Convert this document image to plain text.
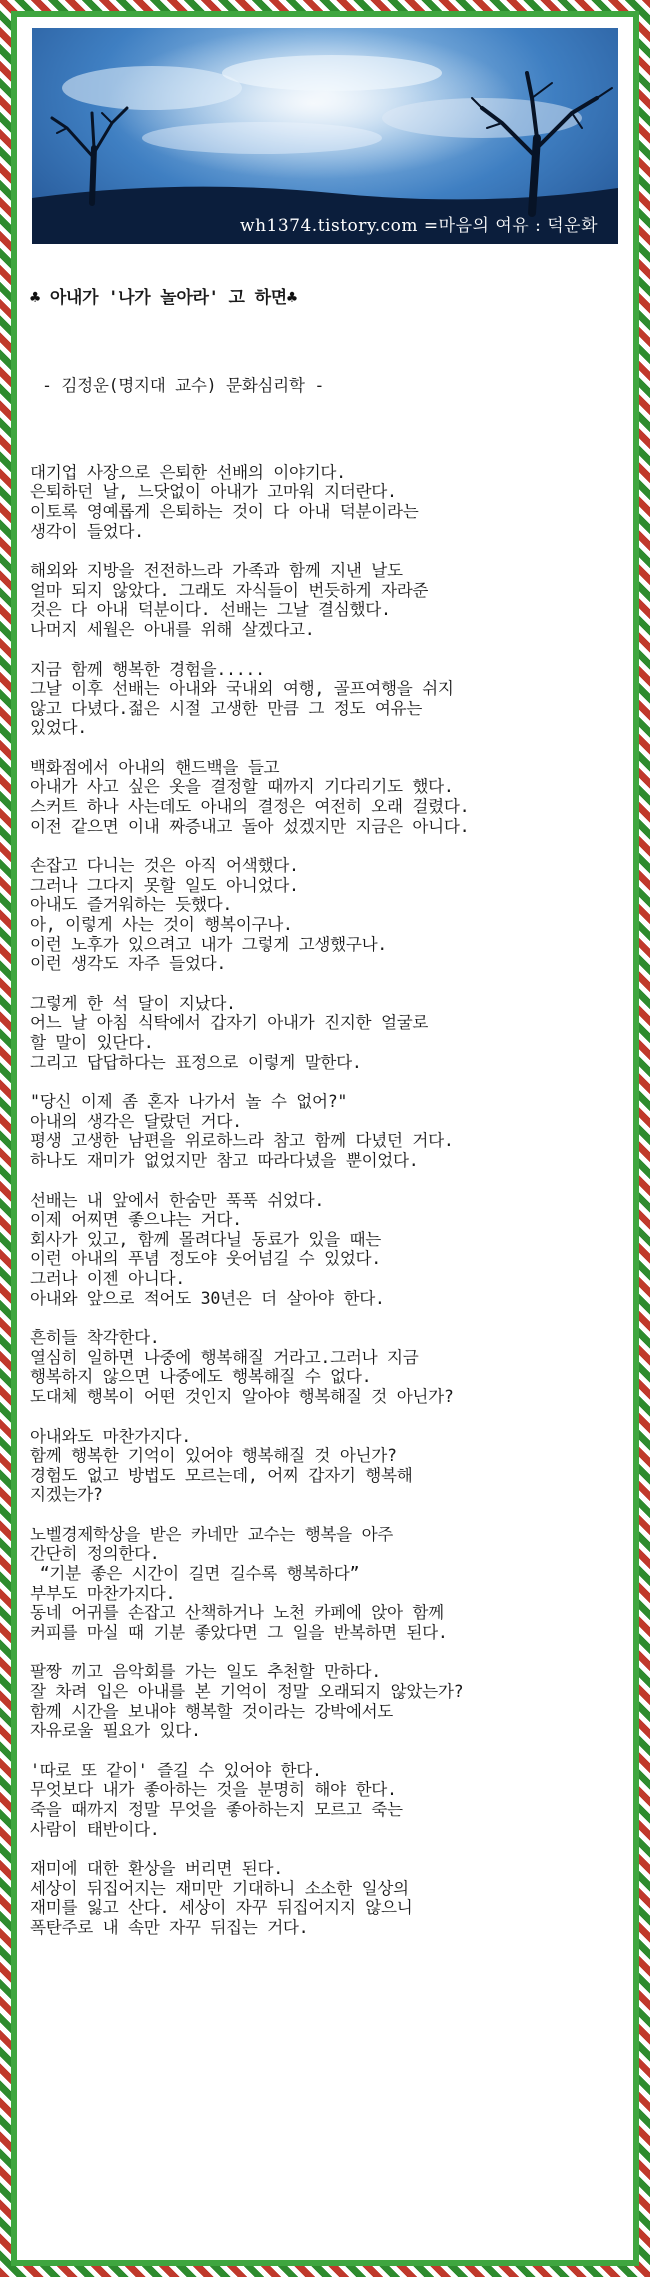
wh1374.tistory.com =마음의 여유 : 덕운화

♣ 아내가 '나가 놀아라' 고 하면♣

- 김정운(명지대 교수) 문화심리학 -

대기업 사장으로 은퇴한 선배의 이야기다.
은퇴하던 날, 느닷없이 아내가 고마워 지더란다.
이토록 영예롭게 은퇴하는 것이 다 아내 덕분이라는
생각이 들었다.
해외와 지방을 전전하느라 가족과 함께 지낸 날도
얼마 되지 않았다. 그래도 자식들이 번듯하게 자라준
것은 다 아내 덕분이다. 선배는 그날 결심했다.
나머지 세월은 아내를 위해 살겠다고.
지금 함께 행복한 경험을.....
그날 이후 선배는 아내와 국내외 여행, 골프여행을 쉬지
않고 다녔다.젊은 시절 고생한 만큼 그 정도 여유는
있었다.
백화점에서 아내의 핸드백을 들고
아내가 사고 싶은 옷을 결정할 때까지 기다리기도 했다.
스커트 하나 사는데도 아내의 결정은 여전히 오래 걸렸다.
이전 같으면 이내 짜증내고 돌아 섰겠지만 지금은 아니다.
손잡고 다니는 것은 아직 어색했다.
그러나 그다지 못할 일도 아니었다.
아내도 즐거워하는 듯했다.
아, 이렇게 사는 것이 행복이구나.
이런 노후가 있으려고 내가 그렇게 고생했구나.
이런 생각도 자주 들었다.
그렇게 한 석 달이 지났다.
어느 날 아침 식탁에서 갑자기 아내가 진지한 얼굴로
할 말이 있단다.
그리고 답답하다는 표정으로 이렇게 말한다.
"당신 이제 좀 혼자 나가서 놀 수 없어?"
아내의 생각은 달랐던 거다.
평생 고생한 남편을 위로하느라 참고 함께 다녔던 거다.
하나도 재미가 없었지만 참고 따라다녔을 뿐이었다.
선배는 내 앞에서 한숨만 푹푹 쉬었다.
이제 어찌면 좋으냐는 거다.
회사가 있고, 함께 몰려다닐 동료가 있을 때는
이런 아내의 푸념 정도야 웃어넘길 수 있었다.
그러나 이젠 아니다.
아내와 앞으로 적어도 30년은 더 살아야 한다.
흔히들 착각한다.
열심히 일하면 나중에 행복해질 거라고.그러나 지금
행복하지 않으면 나중에도 행복해질 수 없다.
도대체 행복이 어떤 것인지 알아야 행복해질 것 아닌가?
아내와도 마찬가지다.
함께 행복한 기억이 있어야 행복해질 것 아닌가?
경험도 없고 방법도 모르는데, 어찌 갑자기 행복해
지겠는가?
노벨경제학상을 받은 카네만 교수는 행복을 아주
간단히 정의한다.
“기분 좋은 시간이 길면 길수록 행복하다”
부부도 마찬가지다.
동네 어귀를 손잡고 산책하거나 노천 카페에 앉아 함께
커피를 마실 때 기분 좋았다면 그 일을 반복하면 된다.
팔짱 끼고 음악회를 가는 일도 추천할 만하다.
잘 차려 입은 아내를 본 기억이 정말 오래되지 않았는가?
함께 시간을 보내야 행복할 것이라는 강박에서도
자유로울 필요가 있다.
'따로 또 같이' 즐길 수 있어야 한다.
무엇보다 내가 좋아하는 것을 분명히 해야 한다.
죽을 때까지 정말 무엇을 좋아하는지 모르고 죽는
사람이 태반이다.
재미에 대한 환상을 버리면 된다.
세상이 뒤집어지는 재미만 기대하니 소소한 일상의
재미를 잃고 산다. 세상이 자꾸 뒤집어지지 않으니
폭탄주로 내 속만 자꾸 뒤집는 거다.
